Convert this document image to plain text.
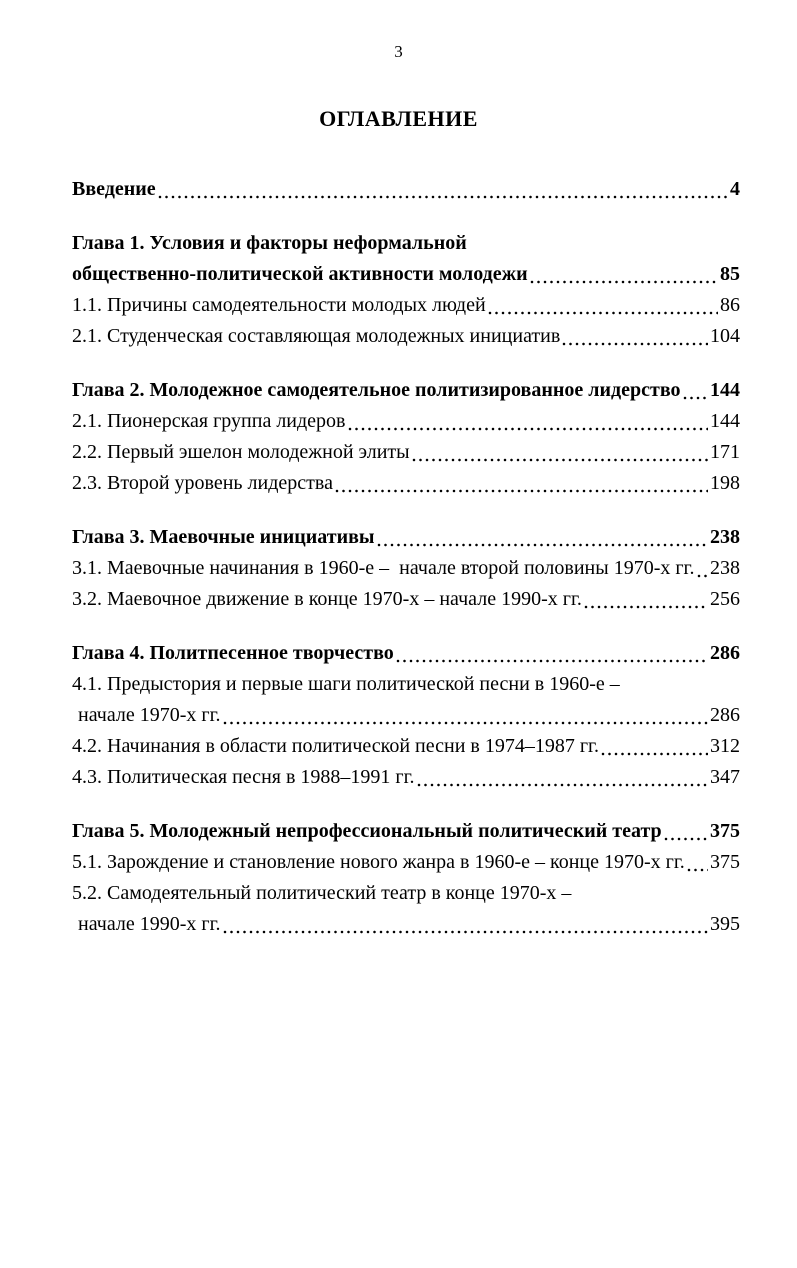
3
ОГЛАВЛЕНИЕ
Введение	4
Глава 1. Условия и факторы неформальной
общественно-политической активности молодежи	85
1.1. Причины самодеятельности молодых людей	86
2.1. Студенческая составляющая молодежных инициатив	104
Глава 2. Молодежное самодеятельное политизированное лидерство 144
2.1. Пионерская группа лидеров	144
2.2. Первый эшелон молодежной элиты	171
2.3. Второй уровень лидерства	198
Глава 3. Маевочные инициативы	238
3.1. Маевочные начинания в 1960-е –  начале второй половины 1970-х гг. 238
3.2. Маевочное движение в конце 1970-х – начале 1990-х гг.	256
Глава 4. Политпесенное творчество	286
4.1. Предыстория и первые шаги политической песни в 1960-е –
начале 1970-х гг.	286
4.2. Начинания в области политической песни в 1974–1987 гг.	312
4.3. Политическая песня в 1988–1991 гг.	347
Глава 5. Молодежный непрофессиональный политический театр 375
5.1. Зарождение и становление нового жанра в 1960-е – конце 1970-х гг. 375
5.2. Самодеятельный политический театр в конце 1970-х –
начале 1990-х гг.	395
